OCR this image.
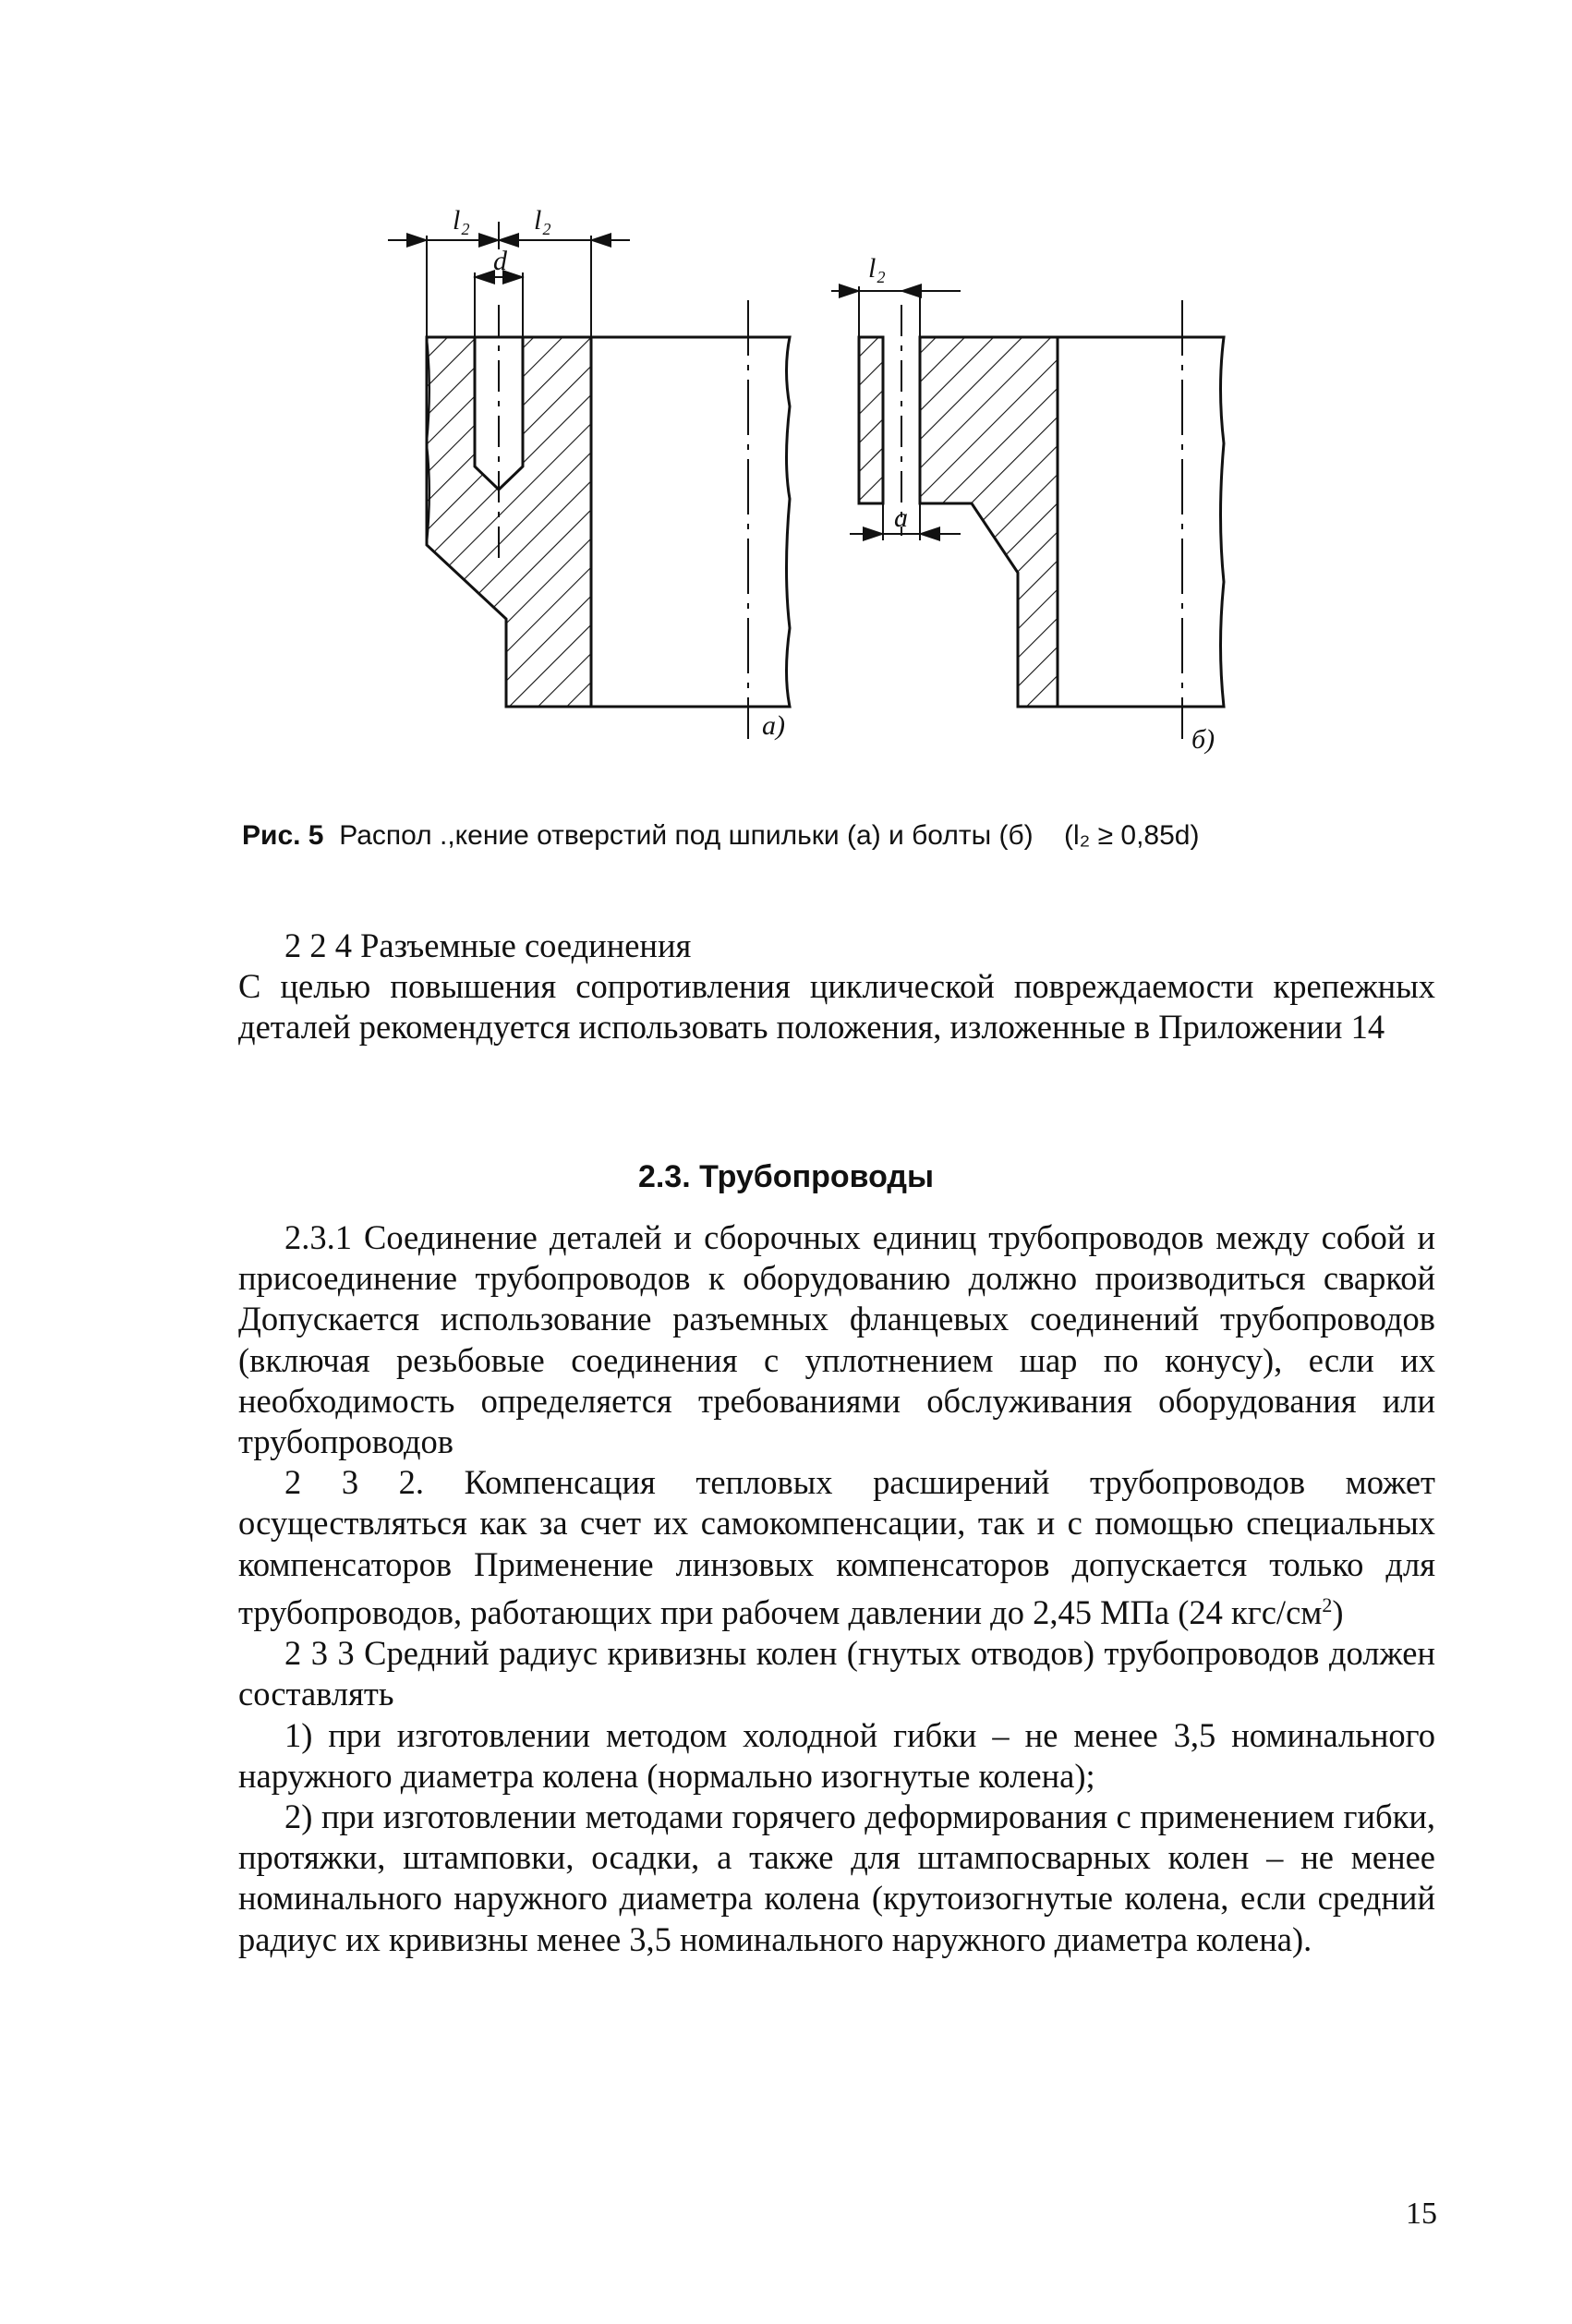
l₂ l₂
d
а)
l₂
a
б)
Рис. 5 Распол .,кение отверстий под шпильки (а) и болты (б) (l₂ ≥ 0,85d)

2 2 4 Разъемные соединения

С целью повышения сопротивления циклической повреждаемости крепежных деталей рекомендуется использовать положения, изложенные в Приложении 14

2.3. Трубопроводы

2.3.1 Соединение деталей и сборочных единиц трубопроводов между собой и присоединение трубопроводов к оборудованию должно производиться сваркой Допускается использование разъемных фланцевых соединений трубопроводов (включая резьбовые соединения с уплотнением шар по конусу), если их необходимость определяется требованиями обслуживания оборудования или трубопроводов

2 3 2. Компенсация тепловых расширений трубопроводов может осуществляться как за счет их самокомпенсации, так и с помощью специальных компенсаторов Применение линзовых компенсаторов допускается только для трубопроводов, работающих при рабочем давлении до 2,45 МПа (24 кгс/$см^2$)

2 3 3 Средний радиус кривизны колен (гнутых отводов) трубопроводов должен составлять

1) при изготовлении методом холодной гибки – не менее 3,5 номинального наружного диаметра колена (нормально изогнутые колена);

2) при изготовлении методами горячего деформирования с применением гибки, протяжки, штамповки, осадки, а также для штампосварных колен – не менее номинального наружного диаметра колена (крутоизогнутые колена, если средний радиус их кривизны менее 3,5 номинального наружного диаметра колена).

15
